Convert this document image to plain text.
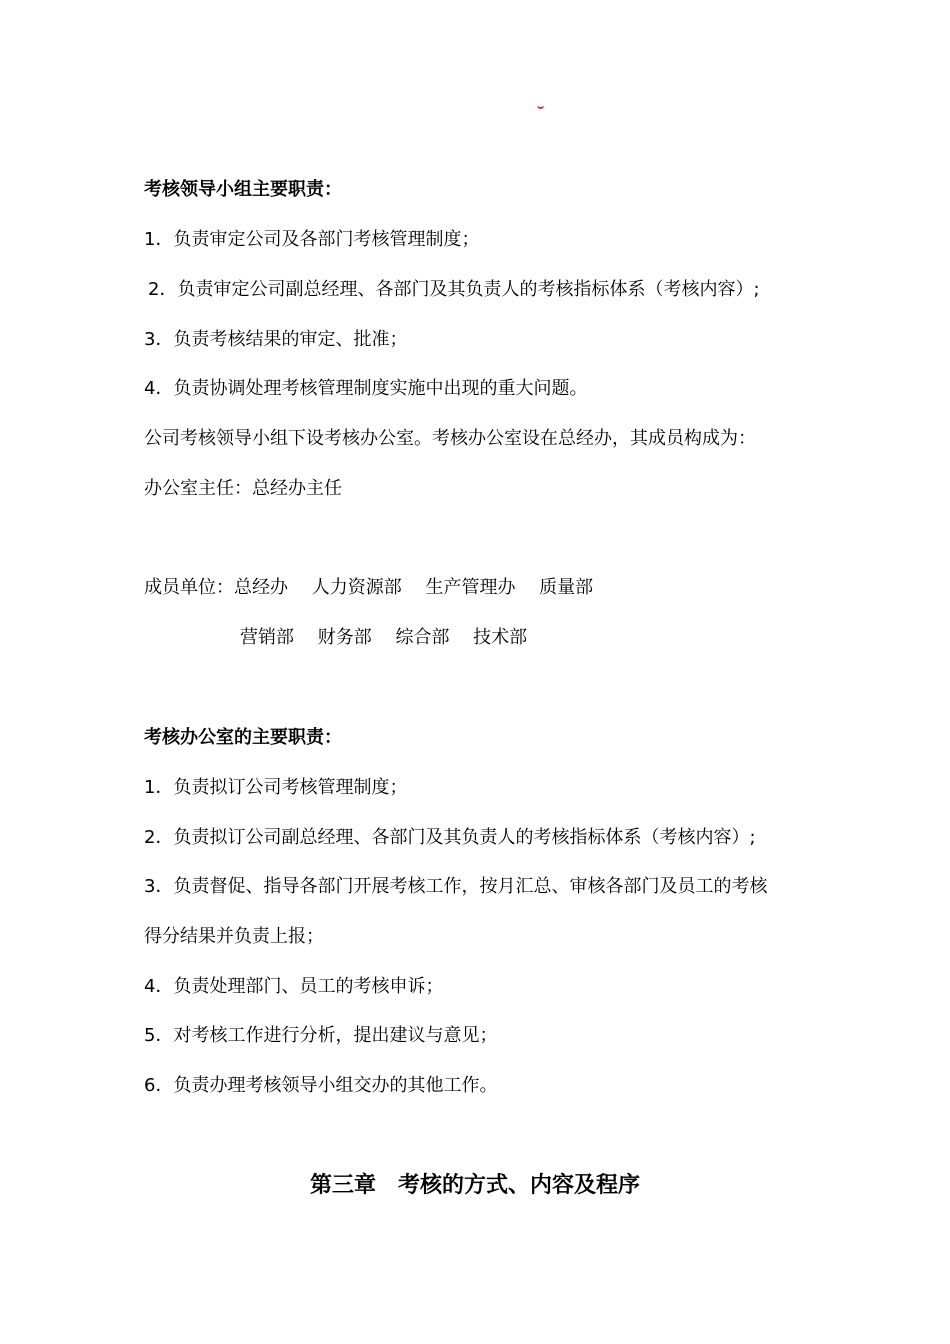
考核领导小组主要职责：
1．负责审定公司及各部门考核管理制度；
2．负责审定公司副总经理、各部门及其负责人的考核指标体系（考核内容）;
3．负责考核结果的审定、批准；
4．负责协调处理考核管理制度实施中出现的重大问题。
公司考核领导小组下设考核办公室。考核办公室设在总经办，其成员构成为：
办公室主任：总经办主任
成员单位：总经办　 人力资源部　 生产管理办　 质量部
营销部　 财务部　 综合部　 技术部
考核办公室的主要职责：
1．负责拟订公司考核管理制度；
2．负责拟订公司副总经理、各部门及其负责人的考核指标体系（考核内容）;
3．负责督促、指导各部门开展考核工作，按月汇总、审核各部门及员工的考核
得分结果并负责上报；
4．负责处理部门、员工的考核申诉；
5．对考核工作进行分析，提出建议与意见；
6．负责办理考核领导小组交办的其他工作。
第三章　考核的方式、内容及程序
